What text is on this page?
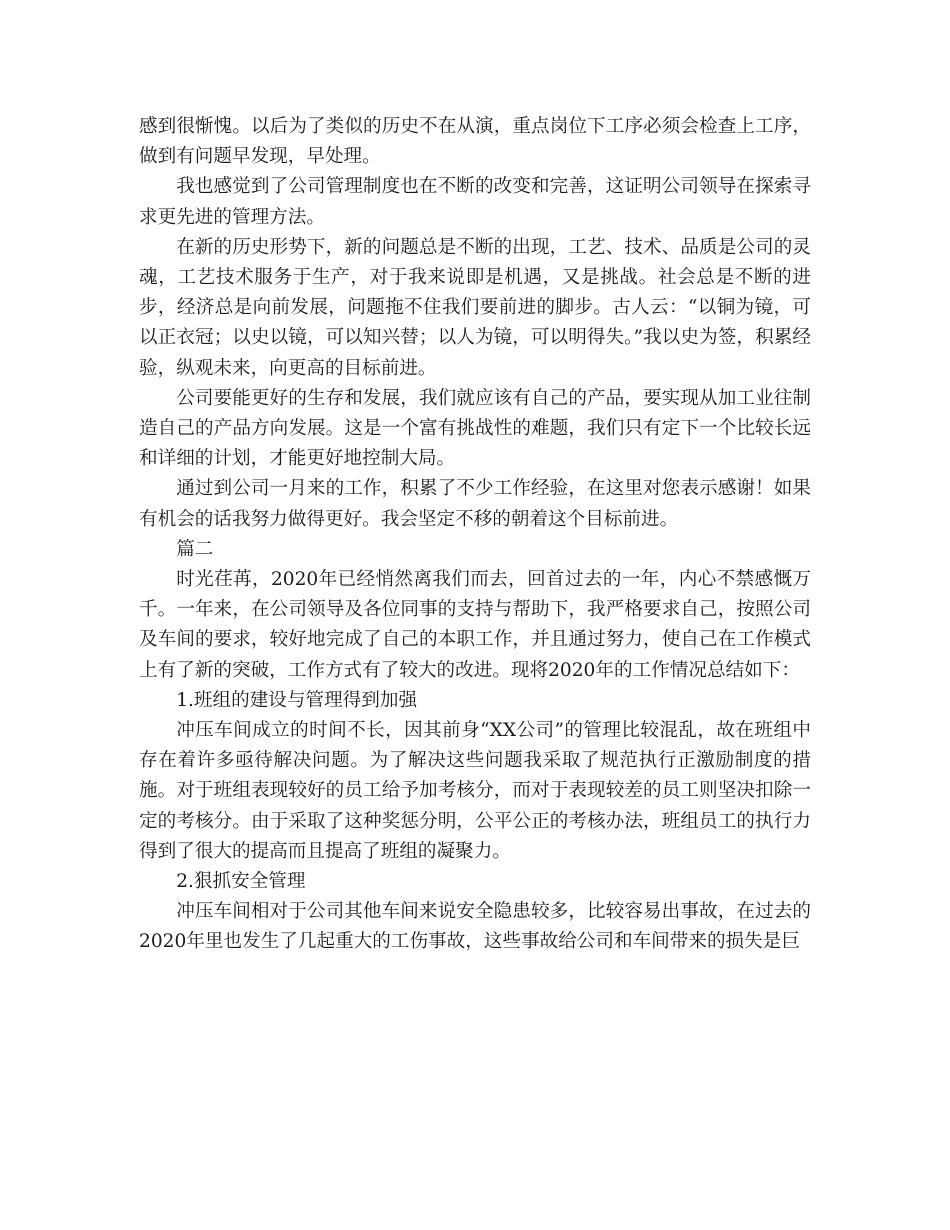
感到很惭愧。以后为了类似的历史不在从演，重点岗位下工序必须会检查上工序，做到有问题早发现，早处理。

我也感觉到了公司管理制度也在不断的改变和完善，这证明公司领导在探索寻求更先进的管理方法。

在新的历史形势下，新的问题总是不断的出现，工艺、技术、品质是公司的灵魂，工艺技术服务于生产，对于我来说即是机遇，又是挑战。社会总是不断的进步，经济总是向前发展，问题拖不住我们要前进的脚步。古人云：“以铜为镜，可以正衣冠；以史以镜，可以知兴替；以人为镜，可以明得失。”我以史为签，积累经验，纵观未来，向更高的目标前进。

公司要能更好的生存和发展，我们就应该有自己的产品，要实现从加工业往制造自己的产品方向发展。这是一个富有挑战性的难题，我们只有定下一个比较长远和详细的计划，才能更好地控制大局。

通过到公司一月来的工作，积累了不少工作经验，在这里对您表示感谢！如果有机会的话我努力做得更好。我会坚定不移的朝着这个目标前进。

篇二

时光荏苒，2020年已经悄然离我们而去，回首过去的一年，内心不禁感慨万千。一年来，在公司领导及各位同事的支持与帮助下，我严格要求自己，按照公司及车间的要求，较好地完成了自己的本职工作，并且通过努力，使自己在工作模式上有了新的突破，工作方式有了较大的改进。现将2020年的工作情况总结如下：

1.班组的建设与管理得到加强

冲压车间成立的时间不长，因其前身“XX公司”的管理比较混乱，故在班组中存在着许多亟待解决问题。为了解决这些问题我采取了规范执行正激励制度的措施。对于班组表现较好的员工给予加考核分，而对于表现较差的员工则坚决扣除一定的考核分。由于采取了这种奖惩分明，公平公正的考核办法，班组员工的执行力得到了很大的提高而且提高了班组的凝聚力。

2.狠抓安全管理

冲压车间相对于公司其他车间来说安全隐患较多，比较容易出事故，在过去的2020年里也发生了几起重大的工伤事故，这些事故给公司和车间带来的损失是巨
